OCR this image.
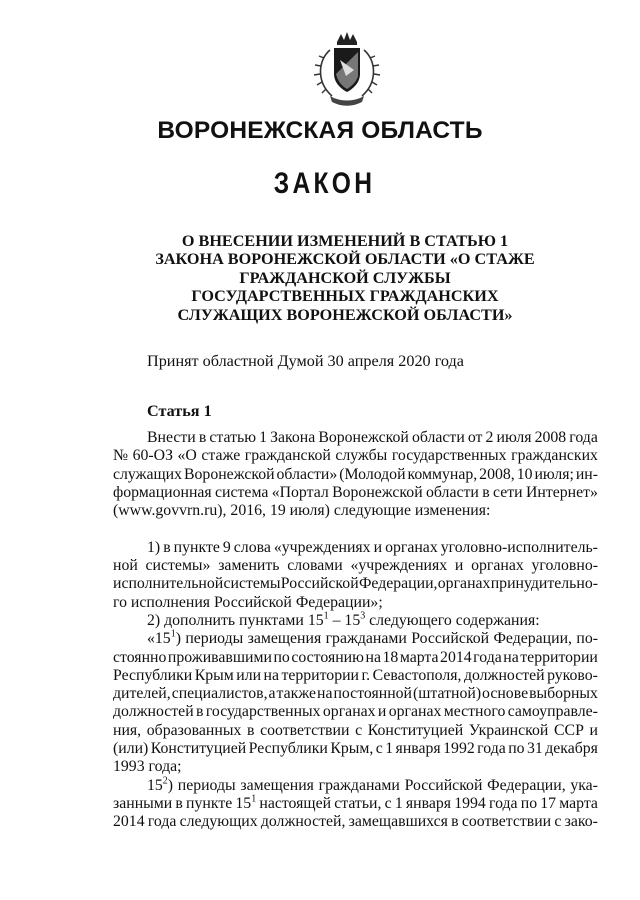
ВОРОНЕЖСКАЯ ОБЛАСТЬ
ЗАКОН
О ВНЕСЕНИИ ИЗМЕНЕНИЙ В СТАТЬЮ 1
ЗАКОНА ВОРОНЕЖСКОЙ ОБЛАСТИ «О СТАЖЕ
ГРАЖДАНСКОЙ СЛУЖБЫ
ГОСУДАРСТВЕННЫХ ГРАЖДАНСКИХ
СЛУЖАЩИХ ВОРОНЕЖСКОЙ ОБЛАСТИ»
Принят областной Думой 30 апреля 2020 года
Статья 1
Внести в статью 1 Закона Воронежской области от 2 июля 2008 года
№ 60-ОЗ «О стаже гражданской службы государственных гражданских
служащих Воронежской области» (Молодой коммунар, 2008, 10 июля; ин-
формационная система «Портал Воронежской области в сети Интернет»
(www.govvrn.ru), 2016, 19 июля) следующие изменения:
1) в пункте 9 слова «учреждениях и органах уголовно-исполнитель-
ной системы» заменить словами «учреждениях и органах уголовно-
исполнительной системы Российской Федерации, органах принудительно-
го исполнения Российской Федерации»;
2) дополнить пунктами $15^1 - 15^3$ следующего содержания:
«$15^1$) периоды замещения гражданами Российской Федерации, по-
стоянно проживавшими по состоянию на 18 марта 2014 года на территории
Республики Крым или на территории г. Севастополя, должностей руково-
дителей, специалистов, а также на постоянной (штатной) основе выборных
должностей в государственных органах и органах местного самоуправле-
ния, образованных в соответствии с Конституцией Украинской ССР и
(или) Конституцией Республики Крым, с 1 января 1992 года по 31 декабря
1993 года;
$15^2$) периоды замещения гражданами Российской Федерации, ука-
занными в пункте $15^1$ настоящей статьи, с 1 января 1994 года по 17 марта
2014 года следующих должностей, замещавшихся в соответствии с зако-
